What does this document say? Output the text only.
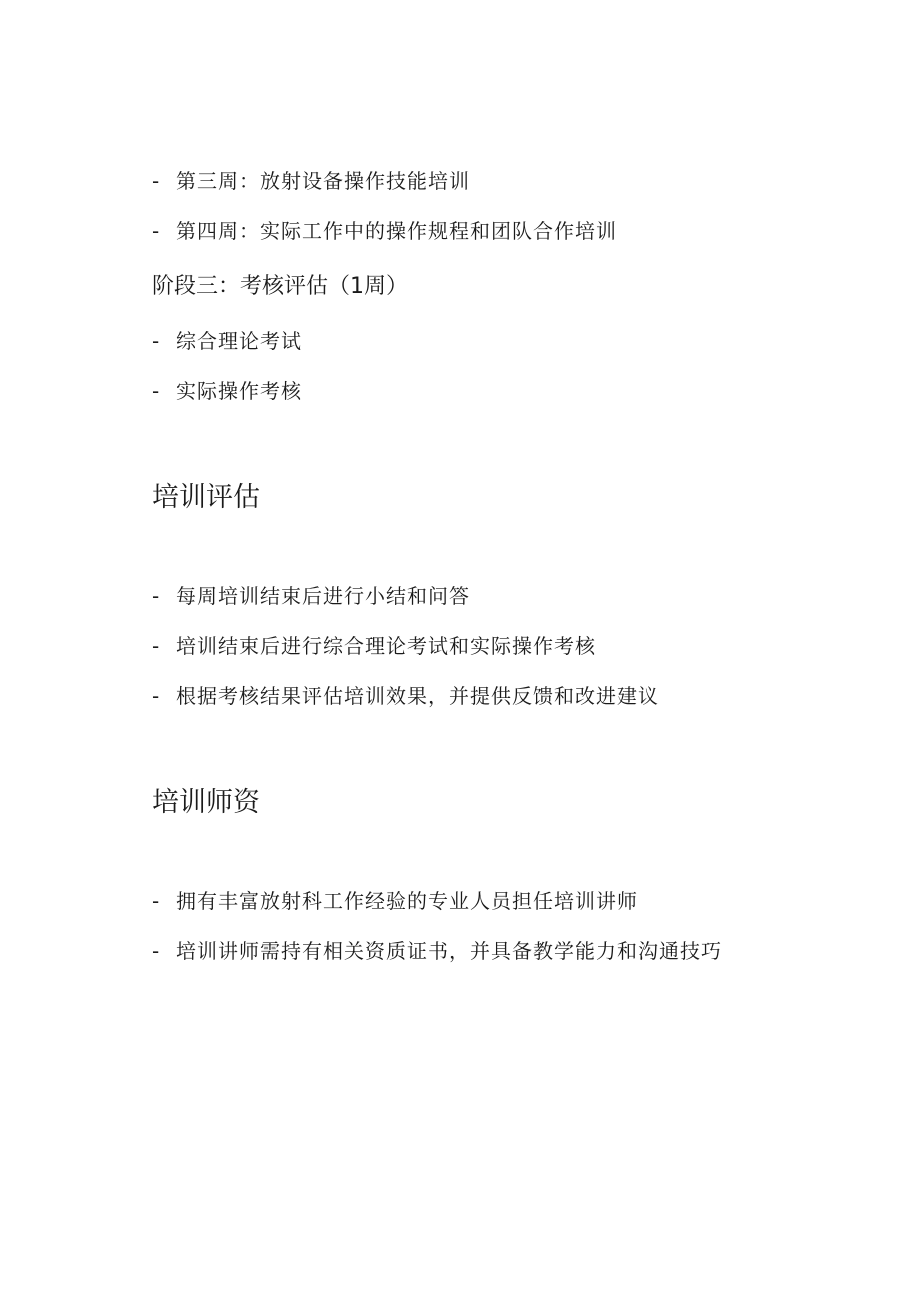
- 第三周：放射设备操作技能培训
- 第四周：实际工作中的操作规程和团队合作培训
阶段三：考核评估（1周）
- 综合理论考试
- 实际操作考核
培训评估
- 每周培训结束后进行小结和问答
- 培训结束后进行综合理论考试和实际操作考核
- 根据考核结果评估培训效果，并提供反馈和改进建议
培训师资
- 拥有丰富放射科工作经验的专业人员担任培训讲师
- 培训讲师需持有相关资质证书，并具备教学能力和沟通技巧
